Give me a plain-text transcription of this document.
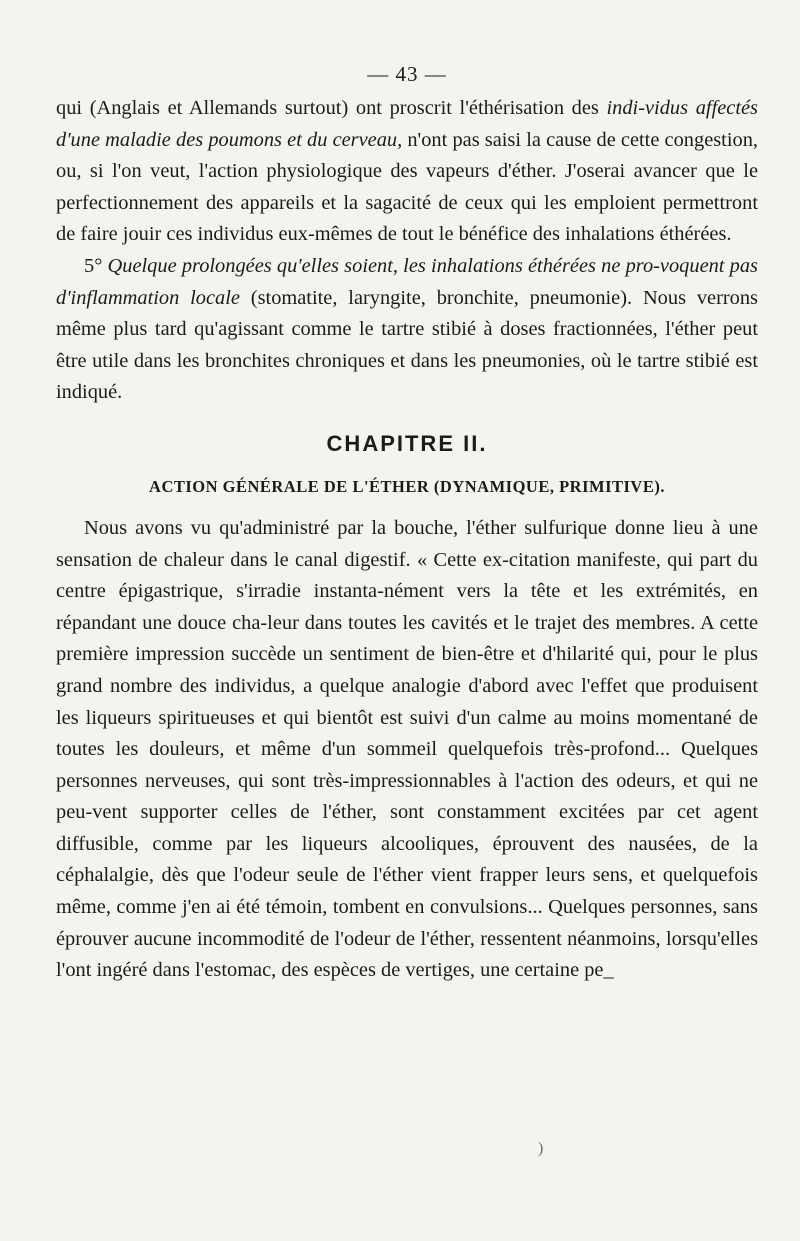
— 43 —

qui (Anglais et Allemands surtout) ont proscrit l'éthérisation des indi-vidus affectés d'une maladie des poumons et du cerveau, n'ont pas saisi la cause de cette congestion, ou, si l'on veut, l'action physiologique des vapeurs d'éther. J'oserai avancer que le perfectionnement des appareils et la sagacité de ceux qui les emploient permettront de faire jouir ces individus eux-mêmes de tout le bénéfice des inhalations éthérées.

5° Quelque prolongées qu'elles soient, les inhalations éthérées ne pro-voquent pas d'inflammation locale (stomatite, laryngite, bronchite, pneumonie). Nous verrons même plus tard qu'agissant comme le tartre stibié à doses fractionnées, l'éther peut être utile dans les bronchites chroniques et dans les pneumonies, où le tartre stibié est indiqué.

CHAPITRE II.
ACTION GÉNÉRALE DE L'ÉTHER (DYNAMIQUE, PRIMITIVE).

Nous avons vu qu'administré par la bouche, l'éther sulfurique donne lieu à une sensation de chaleur dans le canal digestif. « Cette ex-citation manifeste, qui part du centre épigastrique, s'irradie instanta-nément vers la tête et les extrémités, en répandant une douce cha-leur dans toutes les cavités et le trajet des membres. A cette première impression succède un sentiment de bien-être et d'hilarité qui, pour le plus grand nombre des individus, a quelque analogie d'abord avec l'effet que produisent les liqueurs spiritueuses et qui bientôt est suivi d'un calme au moins momentané de toutes les douleurs, et même d'un sommeil quelquefois très-profond... Quelques personnes nerveuses, qui sont très-impressionnables à l'action des odeurs, et qui ne peu-vent supporter celles de l'éther, sont constamment excitées par cet agent diffusible, comme par les liqueurs alcooliques, éprouvent des nausées, de la céphalalgie, dès que l'odeur seule de l'éther vient frapper leurs sens, et quelquefois même, comme j'en ai été témoin, tombent en convulsions... Quelques personnes, sans éprouver aucune incommodité de l'odeur de l'éther, ressentent néanmoins, lorsqu'elles l'ont ingéré dans l'estomac, des espèces de vertiges, une certaine pe_

)
